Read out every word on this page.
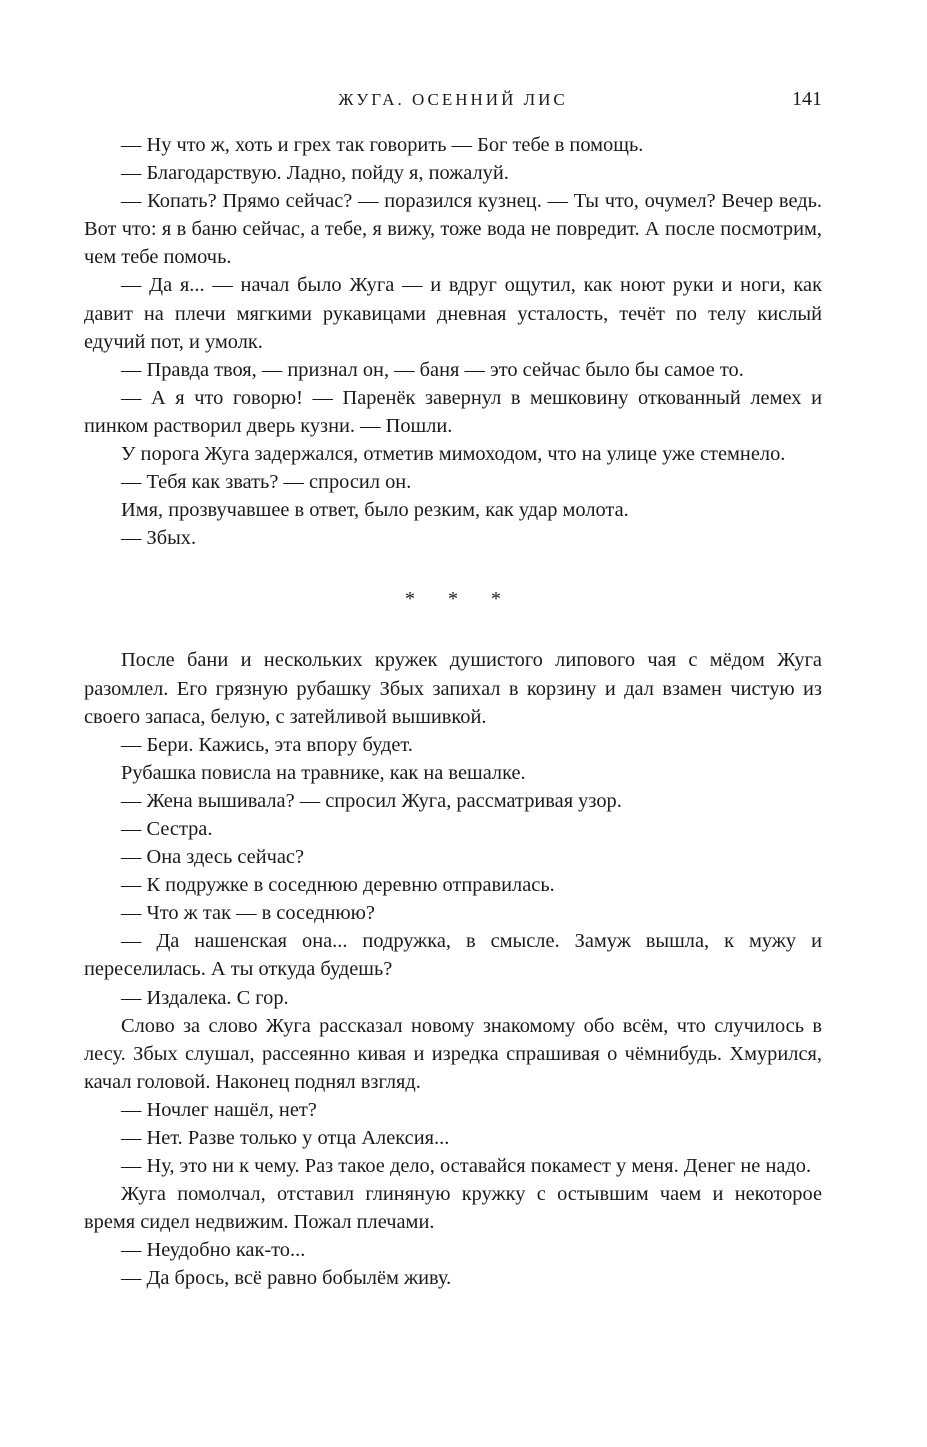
ЖУГА. ОСЕННИЙ ЛИС	141

— Ну что ж, хоть и грех так говорить — Бог тебе в помощь.

— Благодарствую. Ладно, пойду я, пожалуй.

— Копать? Прямо сейчас? — поразился кузнец. — Ты что, очумел? Вечер ведь. Вот что: я в баню сейчас, а тебе, я вижу, тоже вода не повредит. А после посмотрим, чем тебе помочь.

— Да я... — начал было Жуга — и вдруг ощутил, как ноют руки и ноги, как давит на плечи мягкими рукавицами дневная усталость, течёт по телу кислый едучий пот, и умолк.

— Правда твоя, — признал он, — баня — это сейчас было бы самое то.

— А я что говорю! — Паренёк завернул в мешковину откованный лемех и пинком растворил дверь кузни. — Пошли.

У порога Жуга задержался, отметив мимоходом, что на улице уже стемнело.

— Тебя как звать? — спросил он.

Имя, прозвучавшее в ответ, было резким, как удар молота.

— Збых.

* * *

После бани и нескольких кружек душистого липового чая с мёдом Жуга разомлел. Его грязную рубашку Збых запихал в корзину и дал взамен чистую из своего запаса, белую, с затейливой вышивкой.

— Бери. Кажись, эта впору будет.

Рубашка повисла на травнике, как на вешалке.

— Жена вышивала? — спросил Жуга, рассматривая узор.

— Сестра.

— Она здесь сейчас?

— К подружке в соседнюю деревню отправилась.

— Что ж так — в соседнюю?

— Да нашенская она... подружка, в смысле. Замуж вышла, к мужу и переселилась. А ты откуда будешь?

— Издалека. С гор.

Слово за слово Жуга рассказал новому знакомому обо всём, что случилось в лесу. Збых слушал, рассеянно кивая и изредка спрашивая о чёмнибудь. Хмурился, качал головой. Наконец поднял взгляд.

— Ночлег нашёл, нет?

— Нет. Разве только у отца Алексия...

— Ну, это ни к чему. Раз такое дело, оставайся покамест у меня. Денег не надо.

Жуга помолчал, отставил глиняную кружку с остывшим чаем и некоторое время сидел недвижим. Пожал плечами.

— Неудобно как-то...

— Да брось, всё равно бобылём живу.
